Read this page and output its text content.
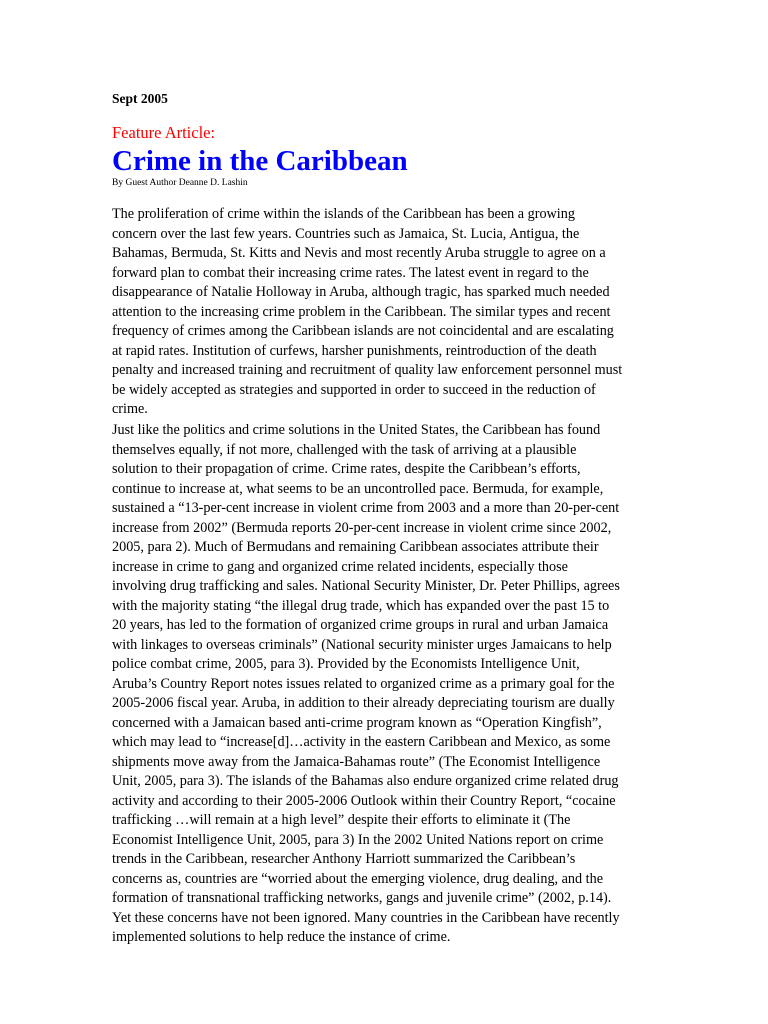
Sept 2005
Feature Article:
Crime in the Caribbean
By Guest Author Deanne D. Lashin

The proliferation of crime within the islands of the Caribbean has been a growing
concern over the last few years. Countries such as Jamaica, St. Lucia, Antigua, the
Bahamas, Bermuda, St. Kitts and Nevis and most recently Aruba struggle to agree on a
forward plan to combat their increasing crime rates. The latest event in regard to the
disappearance of Natalie Holloway in Aruba, although tragic, has sparked much needed
attention to the increasing crime problem in the Caribbean. The similar types and recent
frequency of crimes among the Caribbean islands are not coincidental and are escalating
at rapid rates. Institution of curfews, harsher punishments, reintroduction of the death
penalty and increased training and recruitment of quality law enforcement personnel must
be widely accepted as strategies and supported in order to succeed in the reduction of
crime.

Just like the politics and crime solutions in the United States, the Caribbean has found
themselves equally, if not more, challenged with the task of arriving at a plausible
solution to their propagation of crime. Crime rates, despite the Caribbean’s efforts,
continue to increase at, what seems to be an uncontrolled pace. Bermuda, for example,
sustained a “13-per-cent increase in violent crime from 2003 and a more than 20-per-cent
increase from 2002” (Bermuda reports 20-per-cent increase in violent crime since 2002,
2005, para 2). Much of Bermudans and remaining Caribbean associates attribute their
increase in crime to gang and organized crime related incidents, especially those
involving drug trafficking and sales. National Security Minister, Dr. Peter Phillips, agrees
with the majority stating “the illegal drug trade, which has expanded over the past 15 to
20 years, has led to the formation of organized crime groups in rural and urban Jamaica
with linkages to overseas criminals” (National security minister urges Jamaicans to help
police combat crime, 2005, para 3). Provided by the Economists Intelligence Unit,
Aruba’s Country Report notes issues related to organized crime as a primary goal for the
2005-2006 fiscal year. Aruba, in addition to their already depreciating tourism are dually
concerned with a Jamaican based anti-crime program known as “Operation Kingfish”,
which may lead to “increase[d]…activity in the eastern Caribbean and Mexico, as some
shipments move away from the Jamaica-Bahamas route” (The Economist Intelligence
Unit, 2005, para 3). The islands of the Bahamas also endure organized crime related drug
activity and according to their 2005-2006 Outlook within their Country Report, “cocaine
trafficking …will remain at a high level” despite their efforts to eliminate it (The
Economist Intelligence Unit, 2005, para 3) In the 2002 United Nations report on crime
trends in the Caribbean, researcher Anthony Harriott summarized the Caribbean’s
concerns as, countries are “worried about the emerging violence, drug dealing, and the
formation of transnational trafficking networks, gangs and juvenile crime” (2002, p.14).
Yet these concerns have not been ignored. Many countries in the Caribbean have recently
implemented solutions to help reduce the instance of crime.
